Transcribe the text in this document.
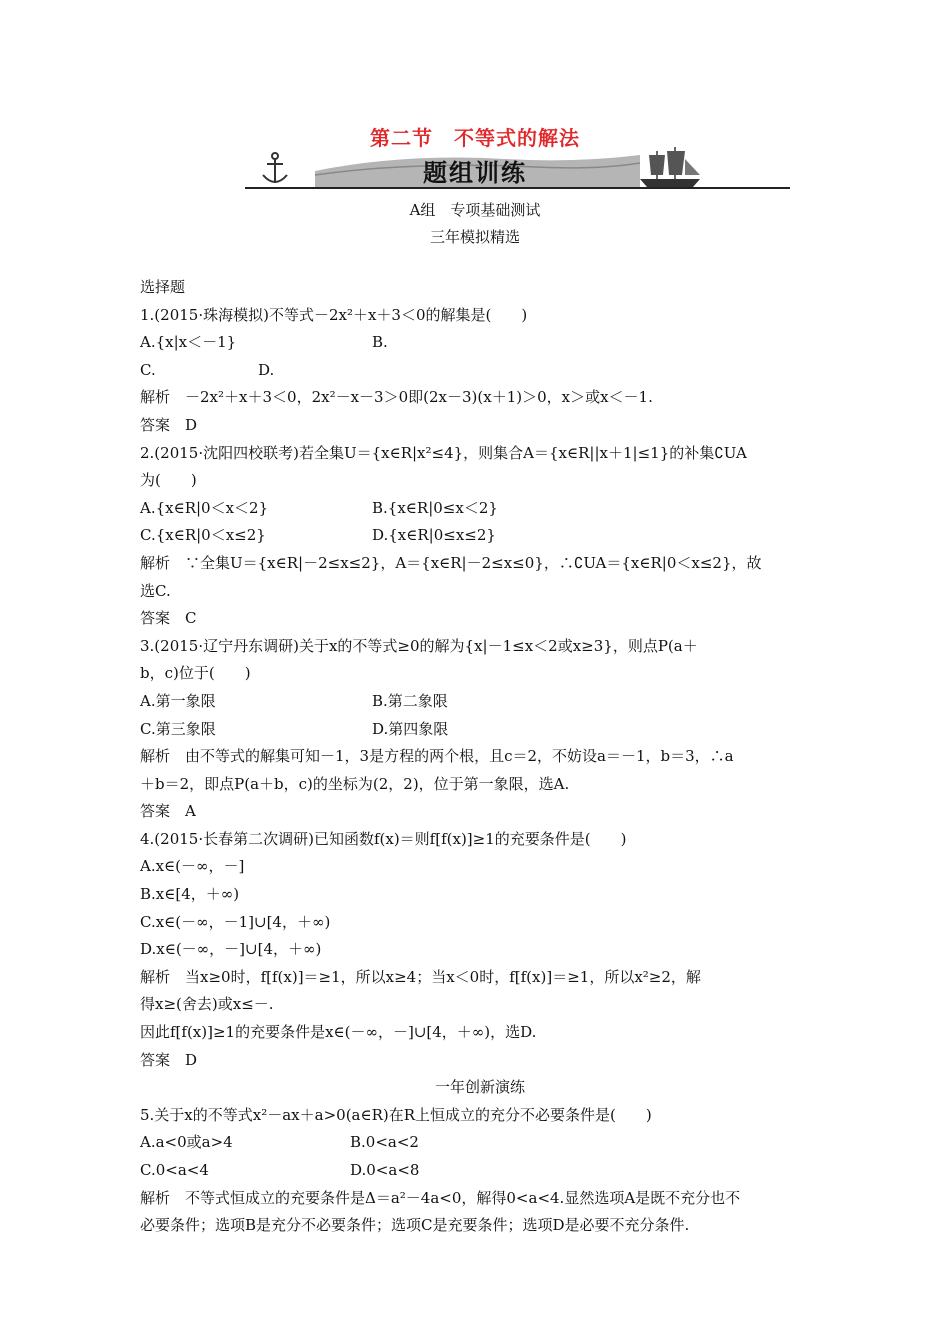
第二节　不等式的解法
题组训练
A组　专项基础测试
三年模拟精选
选择题
1.(2015·珠海模拟)不等式－2x²＋x＋3＜0的解集是(　　)
A.{x|x＜－1}	B.
C.	D.
解析　－2x²＋x＋3＜0，2x²－x－3＞0即(2x－3)(x＋1)＞0，x＞或x＜－1.
答案　D
2.(2015·沈阳四校联考)若全集U＝{x∈R|x²≤4}，则集合A＝{x∈R||x＋1|≤1}的补集∁UA
为(　　)
A.{x∈R|0＜x＜2}	B.{x∈R|0≤x＜2}
C.{x∈R|0＜x≤2}	D.{x∈R|0≤x≤2}
解析　∵全集U＝{x∈R|－2≤x≤2}，A＝{x∈R|－2≤x≤0}，∴∁UA＝{x∈R|0＜x≤2}，故
选C.
答案　C
3.(2015·辽宁丹东调研)关于x的不等式≥0的解为{x|－1≤x＜2或x≥3}，则点P(a＋
b，c)位于(　　)
A.第一象限	B.第二象限
C.第三象限	D.第四象限
解析　由不等式的解集可知－1，3是方程的两个根，且c＝2，不妨设a＝－1，b＝3，∴a
＋b＝2，即点P(a＋b，c)的坐标为(2，2)，位于第一象限，选A.
答案　A
4.(2015·长春第二次调研)已知函数f(x)＝则f[f(x)]≥1的充要条件是(　　)
A.x∈(－∞，－]
B.x∈[4，＋∞)
C.x∈(－∞，－1]∪[4，＋∞)
D.x∈(－∞，－]∪[4，＋∞)
解析　当x≥0时，f[f(x)]＝≥1，所以x≥4；当x＜0时，f[f(x)]＝≥1，所以x²≥2，解
得x≥(舍去)或x≤－.
因此f[f(x)]≥1的充要条件是x∈(－∞，－]∪[4，＋∞)，选D.
答案　D
一年创新演练
5.关于x的不等式x²－ax＋a>0(a∈R)在R上恒成立的充分不必要条件是(　　)
A.a<0或a>4	B.0<a<2
C.0<a<4	D.0<a<8
解析　不等式恒成立的充要条件是Δ＝a²－4a<0，解得0<a<4.显然选项A是既不充分也不
必要条件；选项B是充分不必要条件；选项C是充要条件；选项D是必要不充分条件.
